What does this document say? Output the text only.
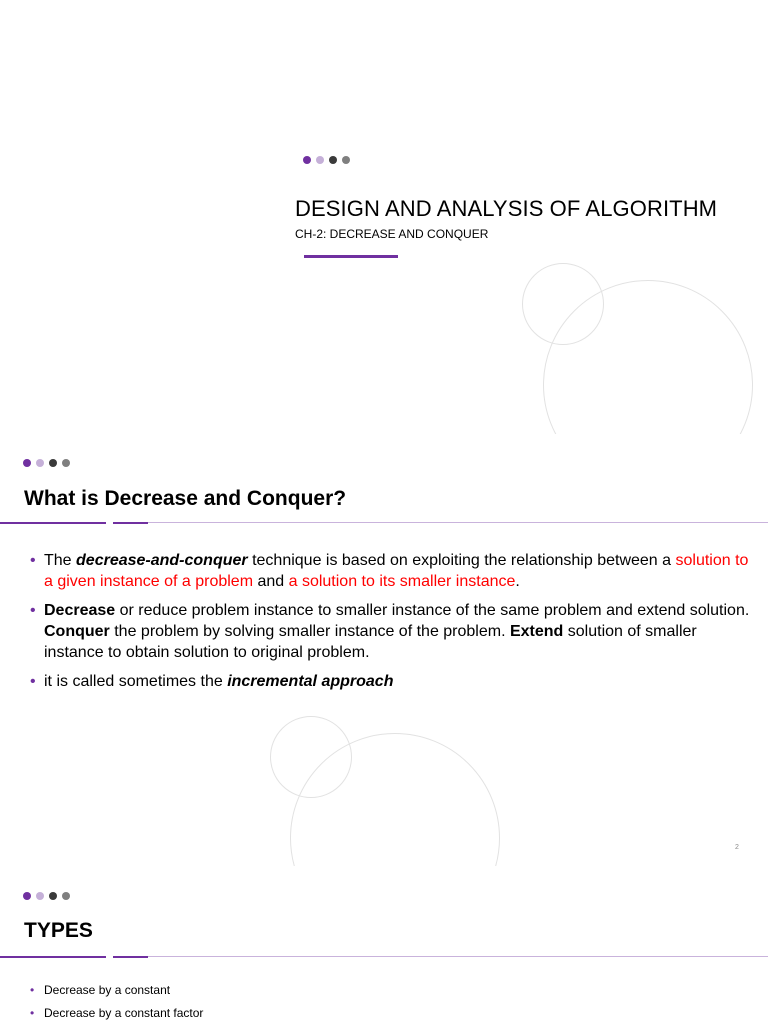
DESIGN AND ANALYSIS OF ALGORITHM

CH-2: DECREASE AND CONQUER

What is Decrease and Conquer?
• The decrease-and-conquer technique is based on exploiting the relationship between a solution to a given instance of a problem and a solution to its smaller instance.
• Decrease or reduce problem instance to smaller instance of the same problem and extend solution. Conquer the problem by solving smaller instance of the problem. Extend solution of smaller instance to obtain solution to original problem.
• it is called sometimes the incremental approach
2
TYPES
• Decrease by a constant
• Decrease by a constant factor
